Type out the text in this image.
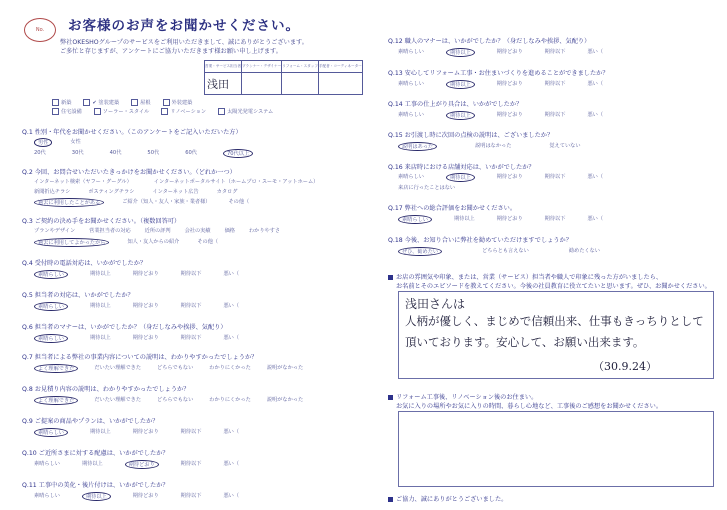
No.	お客様のお声をお聞かせください。
弊社OKESHOグループのサービスをご利用いただきまして、誠にありがとうございます。
ご多忙と存じますが、アンケートにご協力いただきます様お願い申し上げます。
営業・サービス担当者	プランナー・デザイナー	リフォーム・スタッフ	手配者・コーディネーター
浅田			
新築	✔ 塗装建築	屋根	外装建築
住宅設備	ソーラー・スタイル	リノベーション	太陽光発電システム
Q.1 性別・年代をお聞かせください。（このアンケートをご記入いただいた方）
男性	女性
20代	30代	40代	50代	60代	70代以上
Q.2 今回、お問合せいただいたきっかけをお聞かせください。（どれか一つ）
インターネット検索（ヤフー・グーグル）	インターネットポータルサイト（ホームプロ・スーモ・アットホーム）
新聞折込チラシ	ポスティングチラシ	インターネット広告	カタログ
過去に利用したことがある	ご紹介（知人・友人・家族・業者様）	その他（
Q.3 ご契約の決め手をお聞かせください。（複数回答可）
プランやデザイン	営業担当者の対応	近所の評判	会社の実績	価格	わかりやすさ
過去に利用してよかったから	知人・友人からの紹介	その他（
Q.4 受付時の電話対応は、いかがでしたか？
素晴らしい	期待以上	期待どおり	期待以下	悪い（
Q.5 担当者の対応は、いかがでしたか？
素晴らしい	期待以上	期待どおり	期待以下	悪い（
Q.6 担当者のマナーは、いかがでしたか？（身だしなみや挨拶、気配り）
素晴らしい	期待以上	期待どおり	期待以下	悪い（
Q.7 担当者による弊社の事業内容についての説明は、わかりやすかったでしょうか？
よく理解できた	だいたい理解できた	どちらでもない	わかりにくかった	説明がなかった
Q.8 お見積り内容の説明は、わかりやすかったでしょうか？
よく理解できた	だいたい理解できた	どちらでもない	わかりにくかった	説明がなかった
Q.9 ご提案の商品やプランは、いかがでしたか？
素晴らしい	期待以上	期待どおり	期待以下	悪い（
Q.10 ご近所さまに対する配慮は、いかがでしたか？
素晴らしい	期待以上	期待どおり	期待以下	悪い（
Q.11 工事中の美化・後片付けは、いかがでしたか？
素晴らしい	期待以上	期待どおり	期待以下	悪い（
Q.12 職人のマナーは、いかがでしたか？（身だしなみや挨拶、気配り）
素晴らしい	期待以上	期待どおり	期待以下	悪い（
Q.13 安心してリフォーム工事・お住まいづくりを進めることができましたか？
素晴らしい	期待以上	期待どおり	期待以下	悪い（
Q.14 工事の仕上がり具合は、いかがでしたか？
素晴らしい	期待以上	期待どおり	期待以下	悪い（
Q.15 お引渡し時に次回の点検の説明は、ございましたか？
説明はあった	説明はなかった	覚えていない
Q.16 来店時における店舗対応は、いかがでしたか？
素晴らしい	期待以上	期待どおり	期待以下	悪い（
来店に行ったことはない
Q.17 弊社への総合評価をお聞かせください。
素晴らしい	期待以上	期待どおり	期待以下	悪い（
Q.18 今後、お知り合いに弊社を勧めていただけますでしょうか？
ぜひ、勧めたい	どちらとも言えない	勧めたくない
お店の雰囲気や印象、または、営業（サービス）担当者や職人で印象に残った方がいましたら、
お名前とそのエピソードを教えてください。今後の社員教育に役立てたいと思います。ぜひ、お聞かせください。
浅田さんは
人柄が優しく、まじめで信頼出来、仕事もきっちりとして
頂いております。安心して、お願い出来ます。
（30.9.24）
リフォーム工事後、リノベーション後のお住まい。
お気に入りの場所やお気に入りの時間、暮らし心地など、工事後のご感想をお聞かせください。
ご協力、誠にありがとうございました。
